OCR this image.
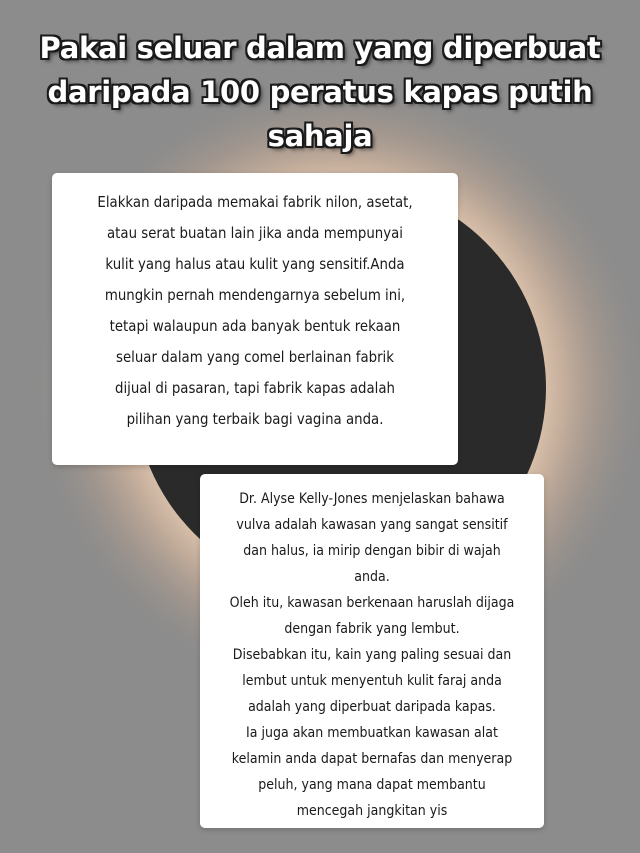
Pakai seluar dalam yang diperbuat daripada 100 peratus kapas putih sahaja

Elakkan daripada memakai fabrik nilon, asetat, atau serat buatan lain jika anda mempunyai kulit yang halus atau kulit yang sensitif.Anda mungkin pernah mendengarnya sebelum ini, tetapi walaupun ada banyak bentuk rekaan seluar dalam yang comel berlainan fabrik dijual di pasaran, tapi fabrik kapas adalah pilihan yang terbaik bagi vagina anda.

Dr. Alyse Kelly-Jones menjelaskan bahawa vulva adalah kawasan yang sangat sensitif dan halus, ia mirip dengan bibir di wajah anda.

Oleh itu, kawasan berkenaan haruslah dijaga dengan fabrik yang lembut.

Disebabkan itu, kain yang paling sesuai dan lembut untuk menyentuh kulit faraj anda adalah yang diperbuat daripada kapas.

Ia juga akan membuatkan kawasan alat kelamin anda dapat bernafas dan menyerap peluh, yang mana dapat membantu mencegah jangkitan yis
